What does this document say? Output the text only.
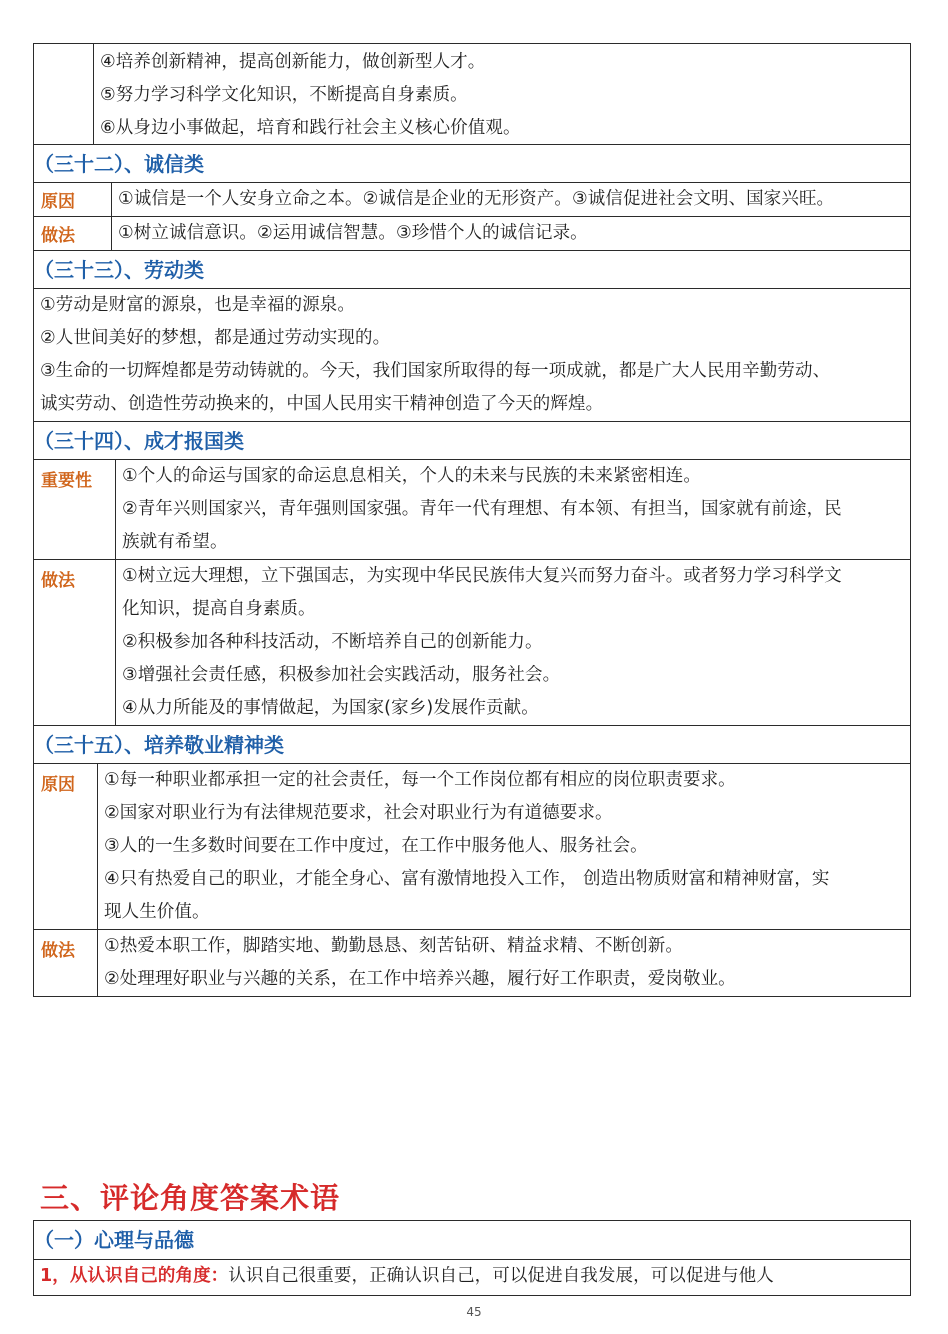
④培养创新精神，提高创新能力，做创新型人才。
⑤努力学习科学文化知识，不断提高自身素质。
⑥从身边小事做起，培育和践行社会主义核心价值观。
（三十二）、诚信类
原因	①诚信是一个人安身立命之本。②诚信是企业的无形资产。③诚信促进社会文明、国家兴旺。
做法	①树立诚信意识。②运用诚信智慧。③珍惜个人的诚信记录。
（三十三）、劳动类
①劳动是财富的源泉，也是幸福的源泉。
②人世间美好的梦想，都是通过劳动实现的。
③生命的一切辉煌都是劳动铸就的。今天，我们国家所取得的每一项成就，都是广大人民用辛勤劳动、
诚实劳动、创造性劳动换来的，中国人民用实干精神创造了今天的辉煌。
（三十四）、成才报国类
重要性	①个人的命运与国家的命运息息相关，个人的未来与民族的未来紧密相连。
②青年兴则国家兴，青年强则国家强。青年一代有理想、有本领、有担当，国家就有前途，民
族就有希望。
做法	①树立远大理想，立下强国志，为实现中华民民族伟大复兴而努力奋斗。或者努力学习科学文
化知识，提高自身素质。
②积极参加各种科技活动，不断培养自己的创新能力。
③增强社会责任感，积极参加社会实践活动，服务社会。
④从力所能及的事情做起，为国家(家乡)发展作贡献。
（三十五）、培养敬业精神类
原因	①每一种职业都承担一定的社会责任，每一个工作岗位都有相应的岗位职责要求。
②国家对职业行为有法律规范要求，社会对职业行为有道德要求。
③人的一生多数时间要在工作中度过，在工作中服务他人、服务社会。
④只有热爱自己的职业，才能全身心、富有激情地投入工作， 创造出物质财富和精神财富，实
现人生价值。
做法	①热爱本职工作，脚踏实地、勤勤恳恳、刻苦钻研、精益求精、不断创新。
②处理理好职业与兴趣的关系，在工作中培养兴趣，履行好工作职责，爱岗敬业。
三、评论角度答案术语
（一）心理与品德
1，从认识自己的角度：认识自己很重要，正确认识自己，可以促进自我发展，可以促进与他人
45
